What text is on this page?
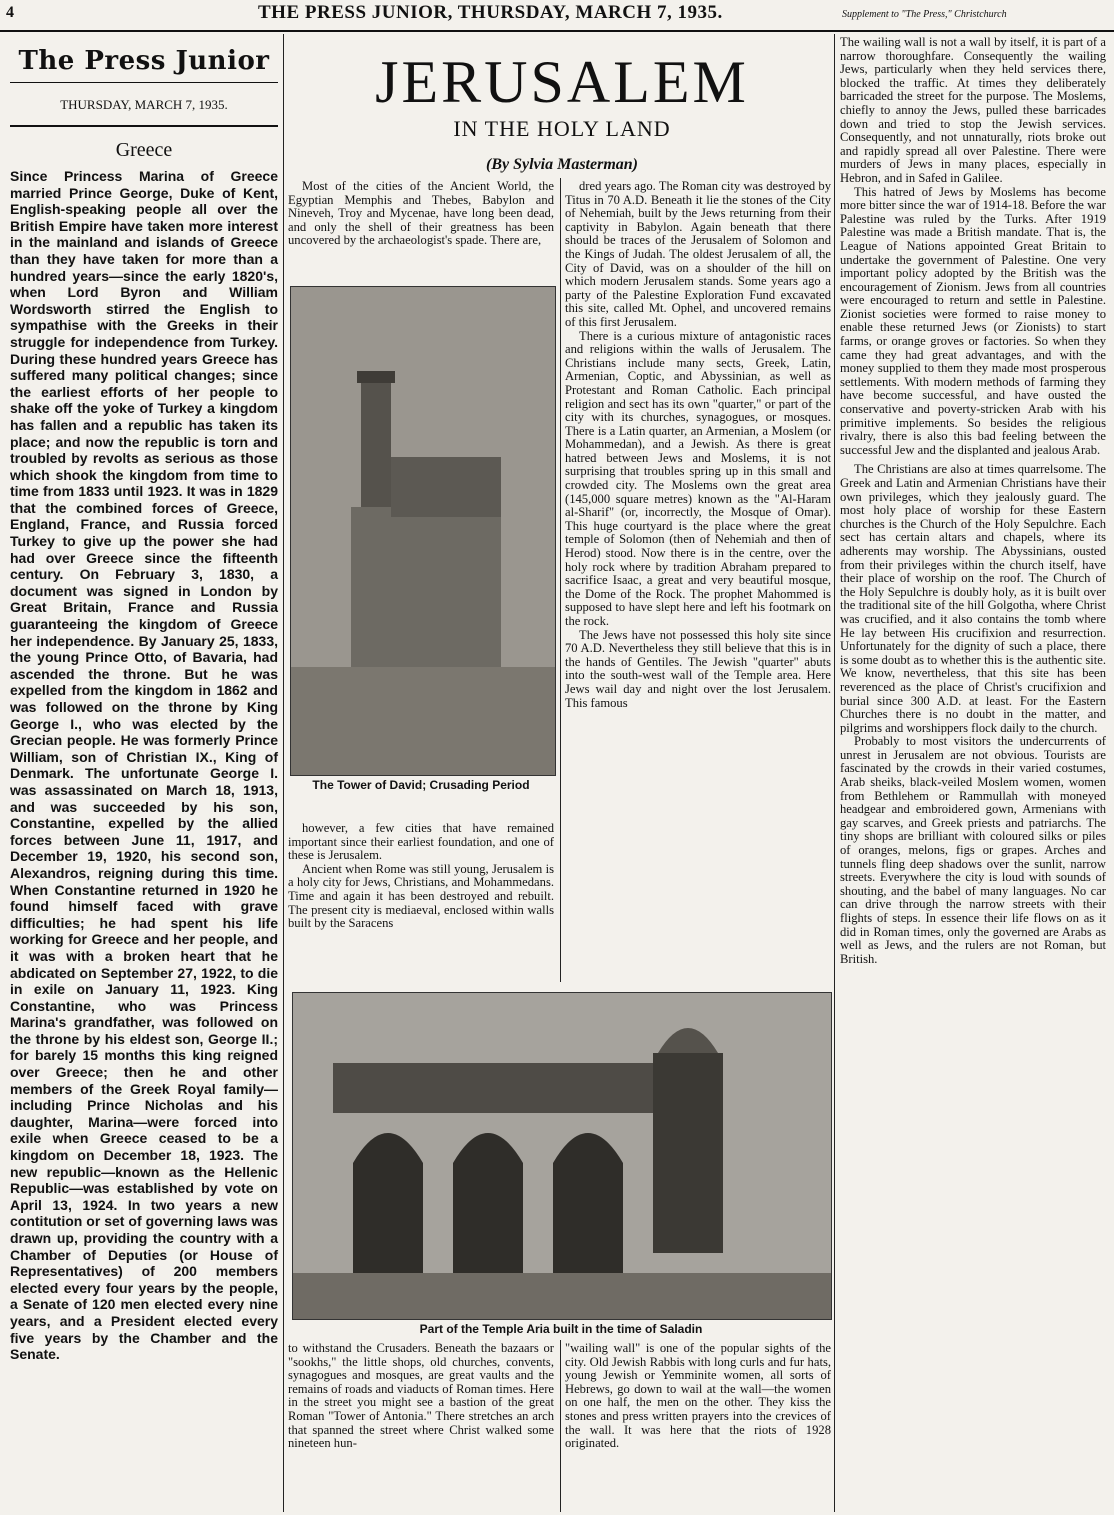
4	THE PRESS JUNIOR, THURSDAY, MARCH 7, 1935.	Supplement to "The Press," Christchurch
The Press Junior
THURSDAY, MARCH 7, 1935.
Greece

Since Princess Marina of Greece married Prince George, Duke of Kent, English-speaking people all over the British Empire have taken more interest in the mainland and islands of Greece than they have taken for more than a hundred years—since the early 1820's, when Lord Byron and William Wordsworth stirred the English to sympathise with the Greeks in their struggle for independence from Turkey. During these hundred years Greece has suffered many political changes; since the earliest efforts of her people to shake off the yoke of Turkey a kingdom has fallen and a republic has taken its place; and now the republic is torn and troubled by revolts as serious as those which shook the kingdom from time to time from 1833 until 1923. It was in 1829 that the combined forces of Greece, England, France, and Russia forced Turkey to give up the power she had had over Greece since the fifteenth century. On February 3, 1830, a document was signed in London by Great Britain, France and Russia guaranteeing the kingdom of Greece her independence. By January 25, 1833, the young Prince Otto, of Bavaria, had ascended the throne. But he was expelled from the kingdom in 1862 and was followed on the throne by King George I., who was elected by the Grecian people. He was formerly Prince William, son of Christian IX., King of Denmark. The unfortunate George I. was assassinated on March 18, 1913, and was succeeded by his son, Constantine, expelled by the allied forces between June 11, 1917, and December 19, 1920, his second son, Alexandros, reigning during this time. When Constantine returned in 1920 he found himself faced with grave difficulties; he had spent his life working for Greece and her people, and it was with a broken heart that he abdicated on September 27, 1922, to die in exile on January 11, 1923. King Constantine, who was Princess Marina's grandfather, was followed on the throne by his eldest son, George II.; for barely 15 months this king reigned over Greece; then he and other members of the Greek Royal family—including Prince Nicholas and his daughter, Marina—were forced into exile when Greece ceased to be a kingdom on December 18, 1923. The new republic—known as the Hellenic Republic—was established by vote on April 13, 1924. In two years a new contitution or set of governing laws was drawn up, providing the country with a Chamber of Deputies (or House of Representatives) of 200 members elected every four years by the people, a Senate of 120 men elected every nine years, and a President elected every five years by the Chamber and the Senate.

JERUSALEM
IN THE HOLY LAND
(By Sylvia Masterman)

Most of the cities of the Ancient World, the Egyptian Memphis and Thebes, Babylon and Nineveh, Troy and Mycenae, have long been dead, and only the shell of their greatness has been uncovered by the archaeologist's spade. There are,

The Tower of David; Crusading Period

however, a few cities that have remained important since their earliest foundation, and one of these is Jerusalem.

Ancient when Rome was still young, Jerusalem is a holy city for Jews, Christians, and Mohammedans. Time and again it has been destroyed and rebuilt. The present city is mediaeval, enclosed within walls built by the Saracens

dred years ago. The Roman city was destroyed by Titus in 70 A.D. Beneath it lie the stones of the City of Nehemiah, built by the Jews returning from their captivity in Babylon. Again beneath that there should be traces of the Jerusalem of Solomon and the Kings of Judah. The oldest Jerusalem of all, the City of David, was on a shoulder of the hill on which modern Jerusalem stands. Some years ago a party of the Palestine Exploration Fund excavated this site, called Mt. Ophel, and uncovered remains of this first Jerusalem.

There is a curious mixture of antagonistic races and religions within the walls of Jerusalem. The Christians include many sects, Greek, Latin, Armenian, Coptic, and Abyssinian, as well as Protestant and Roman Catholic. Each principal religion and sect has its own "quarter," or part of the city with its churches, synagogues, or mosques. There is a Latin quarter, an Armenian, a Moslem (or Mohammedan), and a Jewish. As there is great hatred between Jews and Moslems, it is not surprising that troubles spring up in this small and crowded city. The Moslems own the great area (145,000 square metres) known as the "Al-Haram al-Sharif" (or, incorrectly, the Mosque of Omar). This huge courtyard is the place where the great temple of Solomon (then of Nehemiah and then of Herod) stood. Now there is in the centre, over the holy rock where by tradition Abraham prepared to sacrifice Isaac, a great and very beautiful mosque, the Dome of the Rock. The prophet Mahommed is supposed to have slept here and left his footmark on the rock.

The Jews have not possessed this holy site since 70 A.D. Nevertheless they still believe that this is in the hands of Gentiles. The Jewish "quarter" abuts into the south-west wall of the Temple area. Here Jews wail day and night over the lost Jerusalem. This famous

Part of the Temple Aria built in the time of Saladin

to withstand the Crusaders. Beneath the bazaars or "sookhs," the little shops, old churches, convents, synagogues and mosques, are great vaults and the remains of roads and viaducts of Roman times. Here in the street you might see a bastion of the great Roman "Tower of Antonia." There stretches an arch that spanned the street where Christ walked some nineteen hun-

"wailing wall" is one of the popular sights of the city. Old Jewish Rabbis with long curls and fur hats, young Jewish or Yemminite women, all sorts of Hebrews, go down to wail at the wall—the women on one half, the men on the other. They kiss the stones and press written prayers into the crevices of the wall. It was here that the riots of 1928 originated.

The wailing wall is not a wall by itself, it is part of a narrow thoroughfare. Consequently the wailing Jews, particularly when they held services there, blocked the traffic. At times they deliberately barricaded the street for the purpose. The Moslems, chiefly to annoy the Jews, pulled these barricades down and tried to stop the Jewish services. Consequently, and not unnaturally, riots broke out and rapidly spread all over Palestine. There were murders of Jews in many places, especially in Hebron, and in Safed in Galilee.

This hatred of Jews by Moslems has become more bitter since the war of 1914-18. Before the war Palestine was ruled by the Turks. After 1919 Palestine was made a British mandate. That is, the League of Nations appointed Great Britain to undertake the government of Palestine. One very important policy adopted by the British was the encouragement of Zionism. Jews from all countries were encouraged to return and settle in Palestine. Zionist societies were formed to raise money to enable these returned Jews (or Zionists) to start farms, or orange groves or factories. So when they came they had great advantages, and with the money supplied to them they made most prosperous settlements. With modern methods of farming they have become successful, and have ousted the conservative and poverty-stricken Arab with his primitive implements. So besides the religious rivalry, there is also this bad feeling between the successful Jew and the displanted and jealous Arab.

The Christians are also at times quarrelsome. The Greek and Latin and Armenian Christians have their own privileges, which they jealously guard. The most holy place of worship for these Eastern churches is the Church of the Holy Sepulchre. Each sect has certain altars and chapels, where its adherents may worship. The Abyssinians, ousted from their privileges within the church itself, have their place of worship on the roof. The Church of the Holy Sepulchre is doubly holy, as it is built over the traditional site of the hill Golgotha, where Christ was crucified, and it also contains the tomb where He lay between His crucifixion and resurrection. Unfortunately for the dignity of such a place, there is some doubt as to whether this is the authentic site. We know, nevertheless, that this site has been reverenced as the place of Christ's crucifixion and burial since 300 A.D. at least. For the Eastern Churches there is no doubt in the matter, and pilgrims and worshippers flock daily to the church.

Probably to most visitors the undercurrents of unrest in Jerusalem are not obvious. Tourists are fascinated by the crowds in their varied costumes, Arab sheiks, black-veiled Moslem women, women from Bethlehem or Rammullah with moneyed headgear and embroidered gown, Armenians with gay scarves, and Greek priests and patriarchs. The tiny shops are brilliant with coloured silks or piles of oranges, melons, figs or grapes. Arches and tunnels fling deep shadows over the sunlit, narrow streets. Everywhere the city is loud with sounds of shouting, and the babel of many languages. No car can drive through the narrow streets with their flights of steps. In essence their life flows on as it did in Roman times, only the governed are Arabs as well as Jews, and the rulers are not Roman, but British.
